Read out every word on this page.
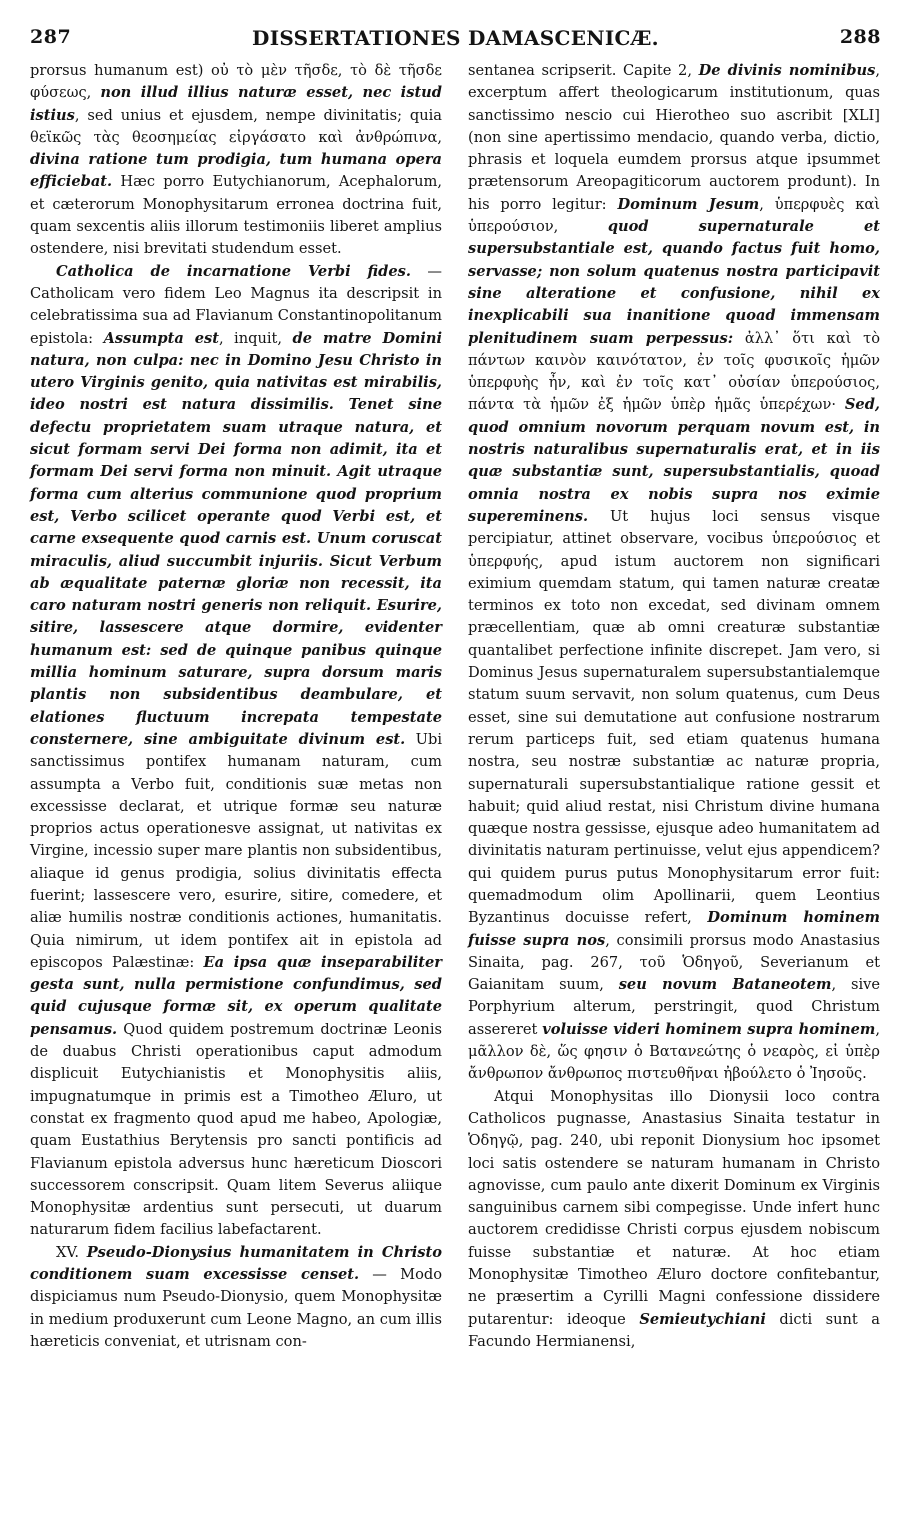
287	DISSERTATIONES DAMASCENICÆ.	288

prorsus humanum est) οὐ τὸ μὲν τῆσδε, τὸ δὲ τῆσδε φύσεως, non illud illius naturæ esset, nec istud istius, sed unius et ejusdem, nempe divinitatis; quia θεϊκῶς τὰς θεοσημείας εἰργάσατο καὶ ἀνθρώπινα, divina ratione tum prodigia, tum humana opera efficiebat. Hæc porro Eutychianorum, Acephalorum, et cæterorum Monophysitarum erronea doctrina fuit, quam sexcentis aliis illorum testimoniis liberet amplius ostendere, nisi brevitati studendum esset.

Catholica de incarnatione Verbi fides. — Catholicam vero fidem Leo Magnus ita descripsit in celebratissima sua ad Flavianum Constantinopolitanum epistola: Assumpta est, inquit, de matre Domini natura, non culpa: nec in Domino Jesu Christo in utero Virginis genito, quia nativitas est mirabilis, ideo nostri est natura dissimilis. Tenet sine defectu proprietatem suam utraque natura, et sicut formam servi Dei forma non adimit, ita et formam Dei servi forma non minuit. Agit utraque forma cum alterius communione quod proprium est, Verbo scilicet operante quod Verbi est, et carne exsequente quod carnis est. Unum coruscat miraculis, aliud succumbit injuriis. Sicut Verbum ab æqualitate paternæ gloriæ non recessit, ita caro naturam nostri generis non reliquit. Esurire, sitire, lassescere atque dormire, evidenter humanum est: sed de quinque panibus quinque millia hominum saturare, supra dorsum maris plantis non subsidentibus deambulare, et elationes fluctuum increpata tempestate consternere, sine ambiguitate divinum est. Ubi sanctissimus pontifex humanam naturam, cum assumpta a Verbo fuit, conditionis suæ metas non excessisse declarat, et utrique formæ seu naturæ proprios actus operationesve assignat, ut nativitas ex Virgine, incessio super mare plantis non subsidentibus, aliaque id genus prodigia, solius divinitatis effecta fuerint; lassescere vero, esurire, sitire, comedere, et aliæ humilis nostræ conditionis actiones, humanitatis. Quia nimirum, ut idem pontifex ait in epistola ad episcopos Palæstinæ: Ea ipsa quæ inseparabiliter gesta sunt, nulla permistione confundimus, sed quid cujusque formæ sit, ex operum qualitate pensamus. Quod quidem postremum doctrinæ Leonis de duabus Christi operationibus caput admodum displicuit Eutychianistis et Monophysitis aliis, impugnatumque in primis est a Timotheo Æluro, ut constat ex fragmento quod apud me habeo, Apologiæ, quam Eustathius Berytensis pro sancti pontificis ad Flavianum epistola adversus hunc hæreticum Dioscori successorem conscripsit. Quam litem Severus aliique Monophysitæ ardentius sunt persecuti, ut duarum naturarum fidem facilius labefactarent.

XV. Pseudo-Dionysius humanitatem in Christo conditionem suam excessisse censet. — Modo dispiciamus num Pseudo-Dionysio, quem Monophysitæ in medium produxerunt cum Leone Magno, an cum illis hæreticis conveniat, et utrisnam con-

sentanea scripserit. Capite 2, De divinis nominibus, excerptum affert theologicarum institutionum, quas sanctissimo nescio cui Hierotheo suo ascribit [XLI] (non sine apertissimo mendacio, quando verba, dictio, phrasis et loquela eumdem prorsus atque ipsummet prætensorum Areopagiticorum auctorem produnt). In his porro legitur: Dominum Jesum, ὑπερφυὲς καὶ ὑπερούσιον, quod supernaturale et supersubstantiale est, quando factus fuit homo, servasse; non solum quatenus nostra participavit sine alteratione et confusione, nihil ex inexplicabili sua inanitione quoad immensam plenitudinem suam perpessus: ἀλλ᾽ ὅτι καὶ τὸ πάντων καινὸν καινότατον, ἐν τοῖς φυσικοῖς ἡμῶν ὑπερφυὴς ἦν, καὶ ἐν τοῖς κατ᾽ οὐσίαν ὑπερούσιος, πάντα τὰ ἡμῶν ἐξ ἡμῶν ὑπὲρ ἡμᾶς ὑπερέχων· Sed, quod omnium novorum perquam novum est, in nostris naturalibus supernaturalis erat, et in iis quæ substantiæ sunt, supersubstantialis, quoad omnia nostra ex nobis supra nos eximie supereminens. Ut hujus loci sensus visque percipiatur, attinet observare, vocibus ὑπερούσιος et ὑπερφυής, apud istum auctorem non significari eximium quemdam statum, qui tamen naturæ creatæ terminos ex toto non excedat, sed divinam omnem præcellentiam, quæ ab omni creaturæ substantiæ quantalibet perfectione infinite discrepet. Jam vero, si Dominus Jesus supernaturalem supersubstantialemque statum suum servavit, non solum quatenus, cum Deus esset, sine sui demutatione aut confusione nostrarum rerum particeps fuit, sed etiam quatenus humana nostra, seu nostræ substantiæ ac naturæ propria, supernaturali supersubstantialique ratione gessit et habuit; quid aliud restat, nisi Christum divine humana quæque nostra gessisse, ejusque adeo humanitatem ad divinitatis naturam pertinuisse, velut ejus appendicem? qui quidem purus putus Monophysitarum error fuit: quemadmodum olim Apollinarii, quem Leontius Byzantinus docuisse refert, Dominum hominem fuisse supra nos, consimili prorsus modo Anastasius Sinaita, pag. 267, τοῦ Ὁδηγοῦ, Severianum et Gaianitam suum, seu novum Bataneotem, sive Porphyrium alterum, perstringit, quod Christum assereret voluisse videri hominem supra hominem, μᾶλλον δὲ, ὥς φησιν ὁ Βατανεώτης ὁ νεαρὸς, εἰ ὑπὲρ ἄνθρωπον ἄνθρωπος πιστευθῆναι ἠβούλετο ὁ Ἰησοῦς.

Atqui Monophysitas illo Dionysii loco contra Catholicos pugnasse, Anastasius Sinaita testatur in Ὁδηγῷ, pag. 240, ubi reponit Dionysium hoc ipsomet loci satis ostendere se naturam humanam in Christo agnovisse, cum paulo ante dixerit Dominum ex Virginis sanguinibus carnem sibi compegisse. Unde infert hunc auctorem credidisse Christi corpus ejusdem nobiscum fuisse substantiæ et naturæ. At hoc etiam Monophysitæ Timotheo Æluro doctore confitebantur, ne præsertim a Cyrilli Magni confessione dissidere putarentur: ideoque Semieutychiani dicti sunt a Facundo Hermianensi,
